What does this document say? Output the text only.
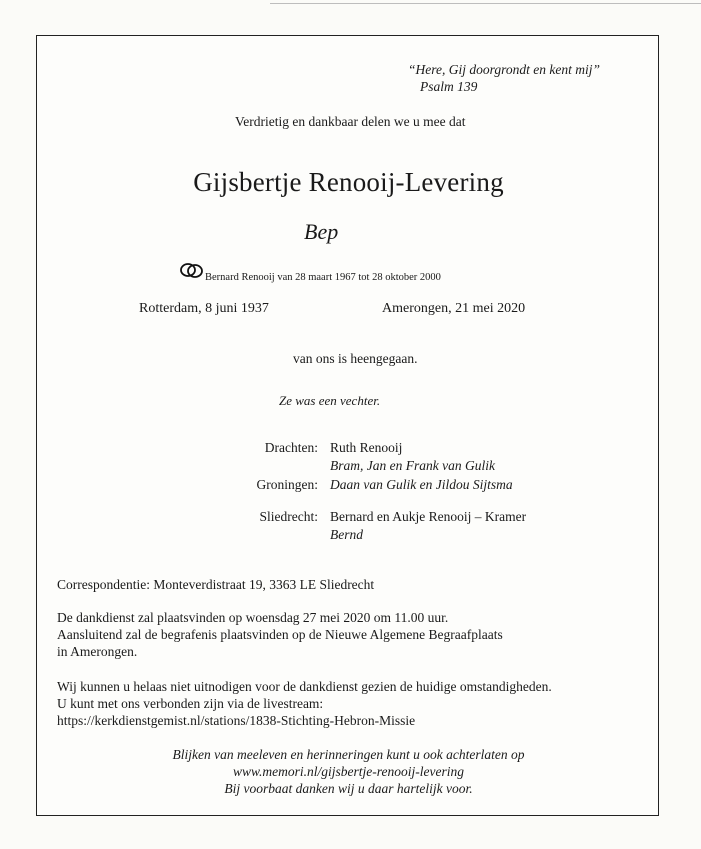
“Here, Gij doorgrondt en kent mij”
Psalm 139
Verdrietig en dankbaar delen we u mee dat
Gijsbertje Renooij-Levering
Bep
Bernard Renooij van 28 maart 1967 tot 28 oktober 2000
Rotterdam, 8 juni 1937	Amerongen, 21 mei 2020
van ons is heengegaan.
Ze was een vechter.
Drachten: Ruth Renooij
Bram, Jan en Frank van Gulik
Groningen: Daan van Gulik en Jildou Sijtsma
Sliedrecht: Bernard en Aukje Renooij – Kramer
Bernd
Correspondentie: Monteverdistraat 19, 3363 LE Sliedrecht
De dankdienst zal plaatsvinden op woensdag 27 mei 2020 om 11.00 uur.
Aansluitend zal de begrafenis plaatsvinden op de Nieuwe Algemene Begraafplaats
in Amerongen.
Wij kunnen u helaas niet uitnodigen voor de dankdienst gezien de huidige omstandigheden.
U kunt met ons verbonden zijn via de livestream:
https://kerkdienstgemist.nl/stations/1838-Stichting-Hebron-Missie
Blijken van meeleven en herinneringen kunt u ook achterlaten op
www.memori.nl/gijsbertje-renooij-levering
Bij voorbaat danken wij u daar hartelijk voor.
